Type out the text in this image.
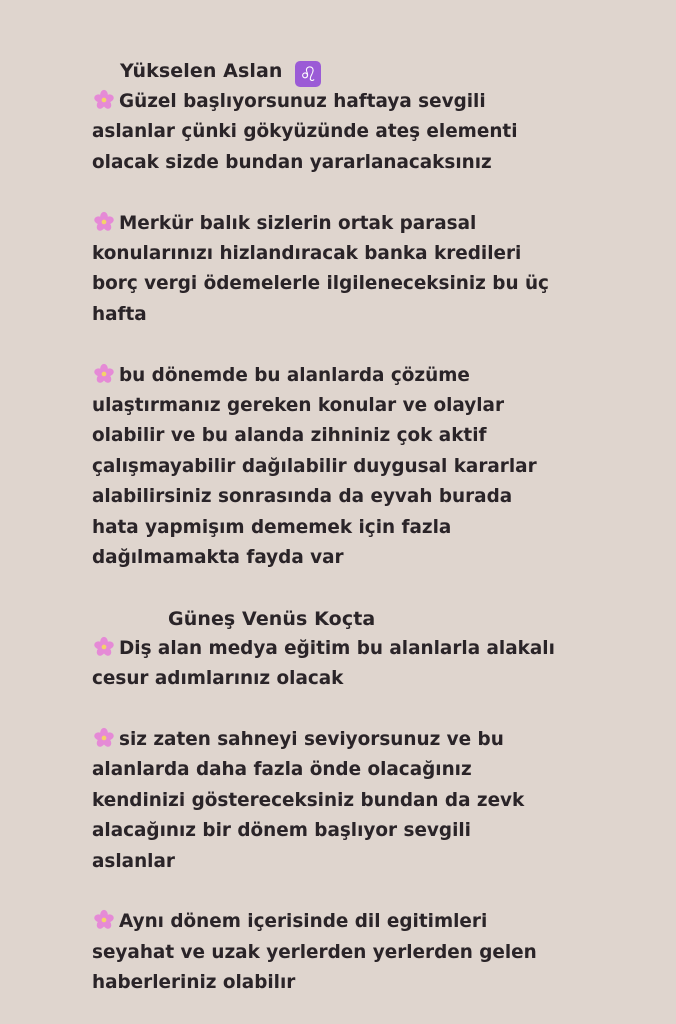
Yükselen Aslan ♌
Güzel başlıyorsunuz haftaya sevgili
aslanlar çünki gökyüzünde ateş elementi
olacak sizde bundan yararlanacaksınız
Merkür balık sizlerin ortak parasal
konularınızı hizlandıracak banka kredileri
borç vergi ödemelerle ilgileneceksiniz bu üç
hafta
bu dönemde bu alanlarda çözüme
ulaştırmanız gereken konular ve olaylar
olabilir ve bu alanda zihniniz çok aktif
çalışmayabilir dağılabilir duygusal kararlar
alabilirsiniz sonrasında da eyvah burada
hata yapmişım dememek için fazla
dağılmamakta fayda var
Güneş Venüs Koçta
Diş alan medya eğitim bu alanlarla alakalı
cesur adımlarınız olacak
siz zaten sahneyi seviyorsunuz ve bu
alanlarda daha fazla önde olacağınız
kendinizi göstereceksiniz bundan da zevk
alacağınız bir dönem başlıyor sevgili
aslanlar
Aynı dönem içerisinde dil egitimleri
seyahat ve uzak yerlerden yerlerden gelen
haberleriniz olabilır
